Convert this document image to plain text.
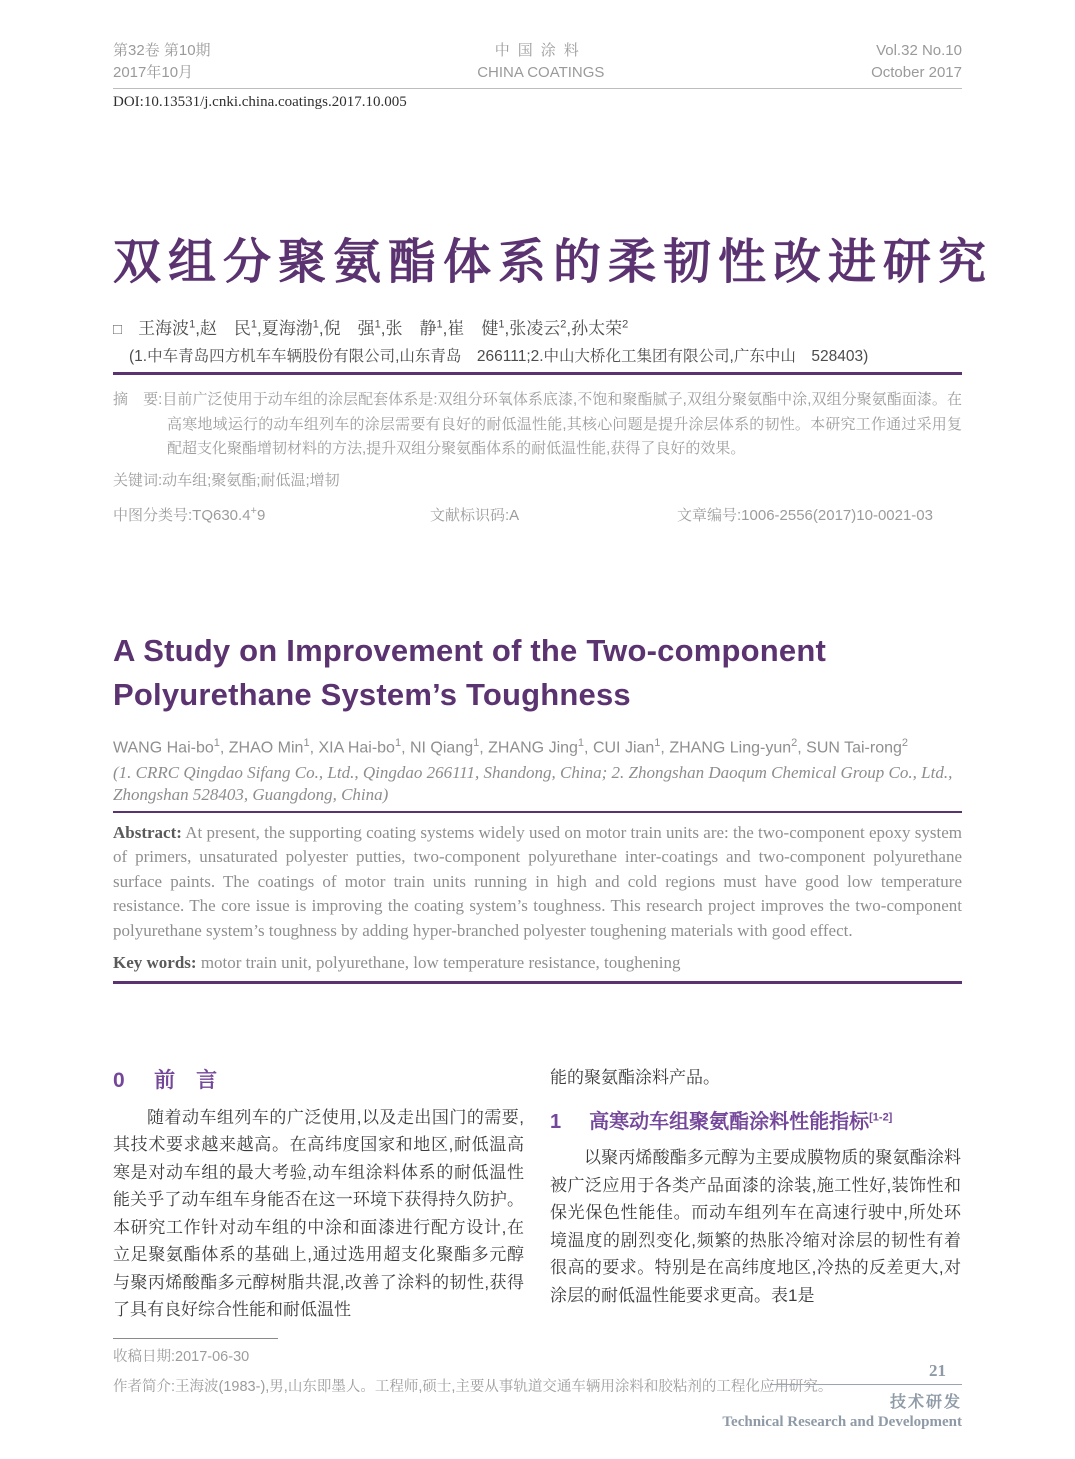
第32卷 第10期
2017年10月
中国涂料
CHINA COATINGS
Vol.32 No.10
October 2017
DOI:10.13531/j.cnki.china.coatings.2017.10.005
双组分聚氨酯体系的柔韧性改进研究
□ 王海波$^1$,赵　民$^1$,夏海渤$^1$,倪　强$^1$,张　静$^1$,崔　健$^1$,张凌云$^2$,孙太荣$^2$
(1.中车青岛四方机车车辆股份有限公司,山东青岛　266111;2.中山大桥化工集团有限公司,广东中山　528403)

摘　要:目前广泛使用于动车组的涂层配套体系是:双组分环氧体系底漆,不饱和聚酯腻子,双组分聚氨酯中涂,双组分聚氨酯面漆。在高寒地域运行的动车组列车的涂层需要有良好的耐低温性能,其核心问题是提升涂层体系的韧性。本研究工作通过采用复配超支化聚酯增韧材料的方法,提升双组分聚氨酯体系的耐低温性能,获得了良好的效果。

关键词:动车组;聚氨酯;耐低温;增韧
中图分类号:TQ630.4+9	文献标识码:A	文章编号:1006-2556(2017)10-0021-03
A Study on Improvement of the Two-component Polyurethane System’s Toughness
WANG Hai-$bo^1$, ZHAO Min$^1$, XIA Hai-$bo^1$, NI Qiang$^1$, ZHANG Jing$^1$, CUI Jian$^1$, ZHANG Ling-yun$^2$, SUN Tai-rong$^2$
(1. CRRC Qingdao Sifang Co., Ltd., Qingdao 266111, Shandong, China; 2. Zhongshan Daoqum Chemical Group Co., Ltd., Zhongshan 528403, Guangdong, China)

Abstract: At present, the supporting coating systems widely used on motor train units are: the two-component epoxy system of primers, unsaturated polyester putties, two-component polyurethane inter-coatings and two-component polyurethane surface paints. The coatings of motor train units running in high and cold regions must have good low temperature resistance. The core issue is improving the coating system’s toughness. This research project improves the two-component polyurethane system’s toughness by adding hyper-branched polyester toughening materials with good effect.

Key words: motor train unit, polyurethane, low temperature resistance, toughening

0 前　言

随着动车组列车的广泛使用,以及走出国门的需要,其技术要求越来越高。在高纬度国家和地区,耐低温高寒是对动车组的最大考验,动车组涂料体系的耐低温性能关乎了动车组车身能否在这一环境下获得持久防护。本研究工作针对动车组的中涂和面漆进行配方设计,在立足聚氨酯体系的基础上,通过选用超支化聚酯多元醇与聚丙烯酸酯多元醇树脂共混,改善了涂料的韧性,获得了具有良好综合性能和耐低温性

能的聚氨酯涂料产品。

1 高寒动车组聚氨酯涂料性能指标[1-2]

以聚丙烯酸酯多元醇为主要成膜物质的聚氨酯涂料被广泛应用于各类产品面漆的涂装,施工性好,装饰性和保光保色性能佳。而动车组列车在高速行驶中,所处环境温度的剧烈变化,频繁的热胀冷缩对涂层的韧性有着很高的要求。特别是在高纬度地区,冷热的反差更大,对涂层的耐低温性能要求更高。表1是

收稿日期:2017-06-30
作者简介:王海波(1983-),男,山东即墨人。工程师,硕士,主要从事轨道交通车辆用涂料和胶粘剂的工程化应用研究。
21
技术研发
Technical Research and Development
